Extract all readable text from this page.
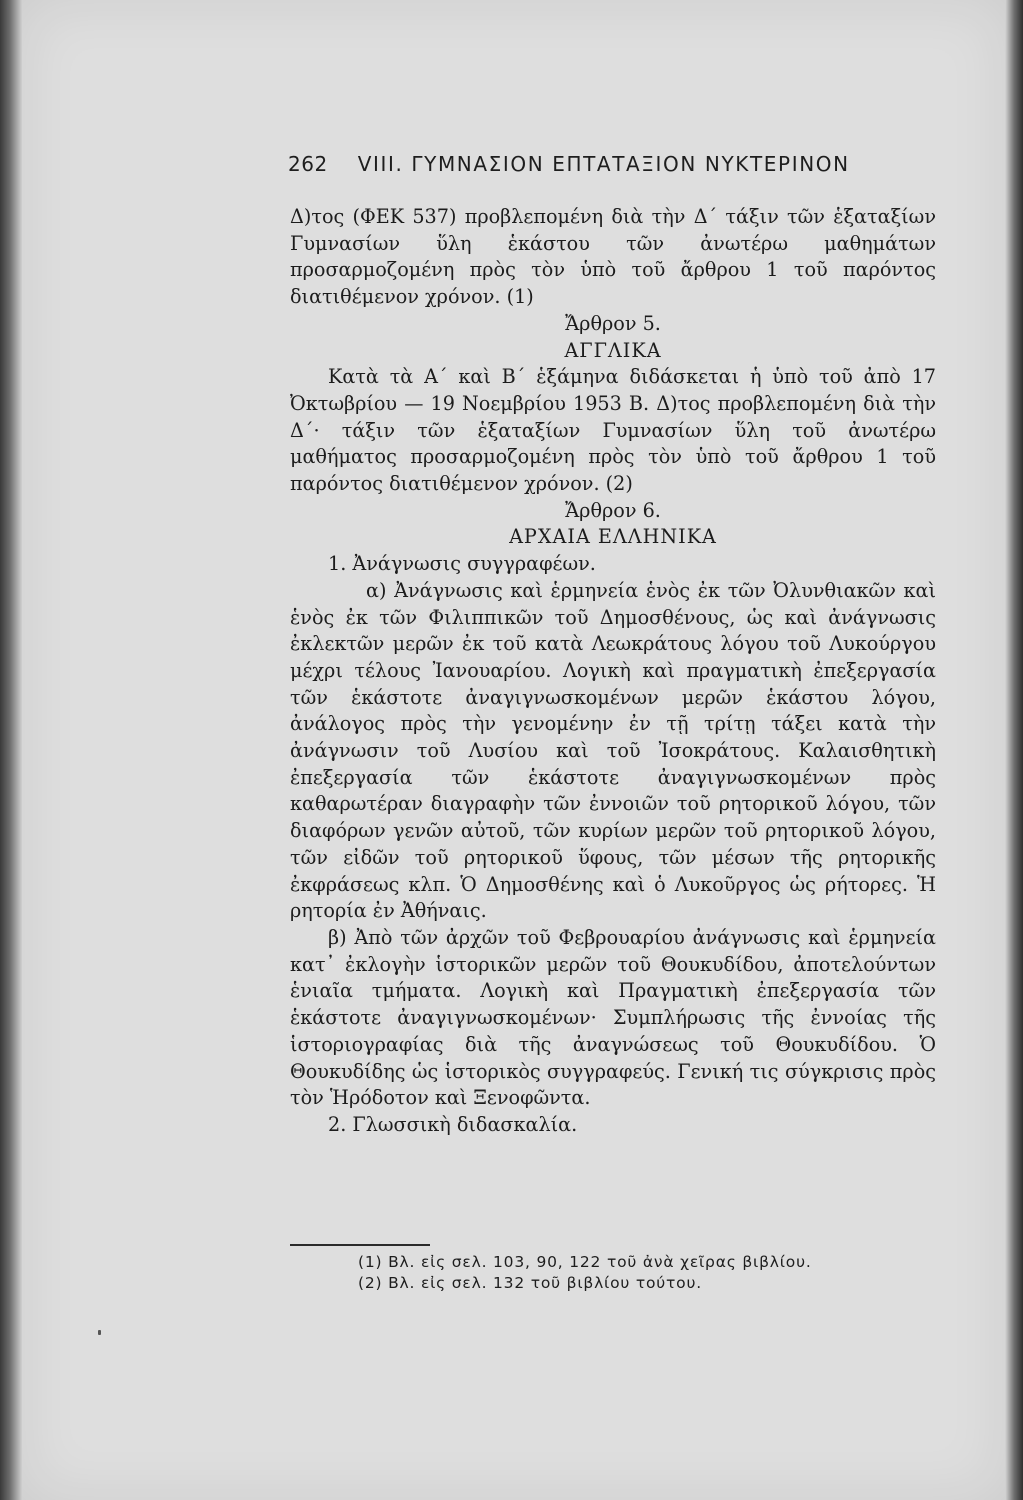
262 VIII. ΓΥΜΝΑΣΙΟΝ ΕΠΤΑΤΑΞΙΟΝ ΝΥΚΤΕΡΙΝΟΝ

Δ)τος (ΦΕΚ 537) προβλεπομένη διὰ τὴν Δ΄ τάξιν τῶν ἑξαταξίων Γυμνασίων ὕλη ἑκάστου τῶν ἀνωτέρω μαθημάτων προσαρμοζομένη πρὸς τὸν ὑπὸ τοῦ ἄρθρου 1 τοῦ παρόντος διατιθέμενον χρόνον. (1)

Ἄρθρον 5.

ΑΓΓΛΙΚΑ

Κατὰ τὰ Α΄ καὶ Β΄ ἑξάμηνα διδάσκεται ἡ ὑπὸ τοῦ ἀπὸ 17 Ὀκτωβρίου — 19 Νοεμβρίου 1953 Β. Δ)τος προβλεπομένη διὰ τὴν Δ΄· τάξιν τῶν ἑξαταξίων Γυμνασίων ὕλη τοῦ ἀνωτέρω μαθήματος προσαρμοζομένη πρὸς τὸν ὑπὸ τοῦ ἄρθρου 1 τοῦ παρόντος διατιθέμενον χρόνον. (2)

Ἄρθρον 6.

ΑΡΧΑΙΑ ΕΛΛΗΝΙΚΑ

1. Ἀνάγνωσις συγγραφέων.

α) Ἀνάγνωσις καὶ ἑρμηνεία ἑνὸς ἐκ τῶν Ὀλυνθιακῶν καὶ ἑνὸς ἐκ τῶν Φιλιππικῶν τοῦ Δημοσθένους, ὡς καὶ ἀνάγνωσις ἐκλεκτῶν μερῶν ἐκ τοῦ κατὰ Λεωκράτους λόγου τοῦ Λυκούργου μέχρι τέλους Ἰανουαρίου. Λογικὴ καὶ πραγματικὴ ἐπεξεργασία τῶν ἑκάστοτε ἀναγιγνωσκομένων μερῶν ἑκάστου λόγου, ἀνάλογος πρὸς τὴν γενομένην ἐν τῇ τρίτῃ τάξει κατὰ τὴν ἀνάγνωσιν τοῦ Λυσίου καὶ τοῦ Ἰσοκράτους. Καλαισθητικὴ ἐπεξεργασία τῶν ἑκάστοτε ἀναγιγνωσκομένων πρὸς καθαρωτέραν διαγραφὴν τῶν ἐννοιῶν τοῦ ρητορικοῦ λόγου, τῶν διαφόρων γενῶν αὐτοῦ, τῶν κυρίων μερῶν τοῦ ρητορικοῦ λόγου, τῶν εἰδῶν τοῦ ρητορικοῦ ὕφους, τῶν μέσων τῆς ρητορικῆς ἐκφράσεως κλπ. Ὁ Δημοσθένης καὶ ὁ Λυκοῦργος ὡς ρήτορες. Ἡ ρητορία ἐν Ἀθήναις.

β) Ἀπὸ τῶν ἀρχῶν τοῦ Φεβρουαρίου ἀνάγνωσις καὶ ἑρμηνεία κατ᾽ ἐκλογὴν ἱστορικῶν μερῶν τοῦ Θουκυδίδου, ἀποτελούντων ἑνιαῖα τμήματα. Λογικὴ καὶ Πραγματικὴ ἐπεξεργασία τῶν ἑκάστοτε ἀναγιγνωσκομένων· Συμπλήρωσις τῆς ἐννοίας τῆς ἱστοριογραφίας διὰ τῆς ἀναγνώσεως τοῦ Θουκυδίδου. Ὁ Θουκυδίδης ὡς ἱστορικὸς συγγραφεύς. Γενική τις σύγκρισις πρὸς τὸν Ἡρόδοτον καὶ Ξενοφῶντα.

2. Γλωσσικὴ διδασκαλία.

(1) Βλ. εἰς σελ. 103, 90, 122 τοῦ ἀνὰ χεῖρας βιβλίου.
(2) Βλ. εἰς σελ. 132 τοῦ βιβλίου τούτου.
